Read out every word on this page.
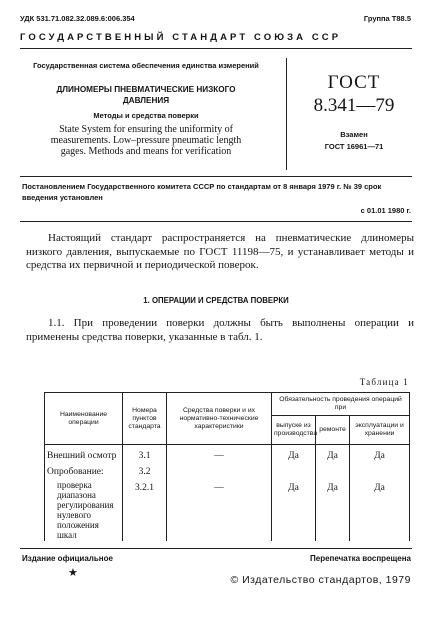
УДК 531.71.082.32.089.6:006.354	Группа Т88.5
ГОСУДАРСТВЕННЫЙ СТАНДАРТ СОЮЗА ССР
Государственная система обеспечения единства измерений
ДЛИНОМЕРЫ ПНЕВМАТИЧЕСКИЕ НИЗКОГО ДАВЛЕНИЯ
Методы и средства поверки
State System for ensuring the uniformity of measurements. Low–pressure pneumatic length gages. Methods and means for verification
ГОСТ
8.341—79
Взамен
ГОСТ 16961—71
Постановлением Государственного комитета СССР по стандартам от 8 января 1979 г. № 39 срок введения установлен
с 01.01 1980 г.
Настоящий стандарт распространяется на пневматические длиномеры низкого давления, выпускаемые по ГОСТ 11198—75, и устанавливает методы и средства их первичной и периодической поверок.
1. ОПЕРАЦИИ И СРЕДСТВА ПОВЕРКИ
1.1. При проведении поверки должны быть выполнены операции и применены средства поверки, указанные в табл. 1.
Таблица 1
Наименование операции	Номера пунктов стандарта	Средства поверки и их нормативно-технические характеристики	Обязательность проведения операций при		
			выпуске из производства	ремонте	эксплуатации и хранении
Внешний осмотр	3.1	—	Да	Да	Да
Опробование:	3.2				
проверка диапазона регулирования нулевого положения шкал	3.2.1	—	Да	Да	Да
Издание официальное
★
Перепечатка воспрещена
© Издательство стандартов, 1979
